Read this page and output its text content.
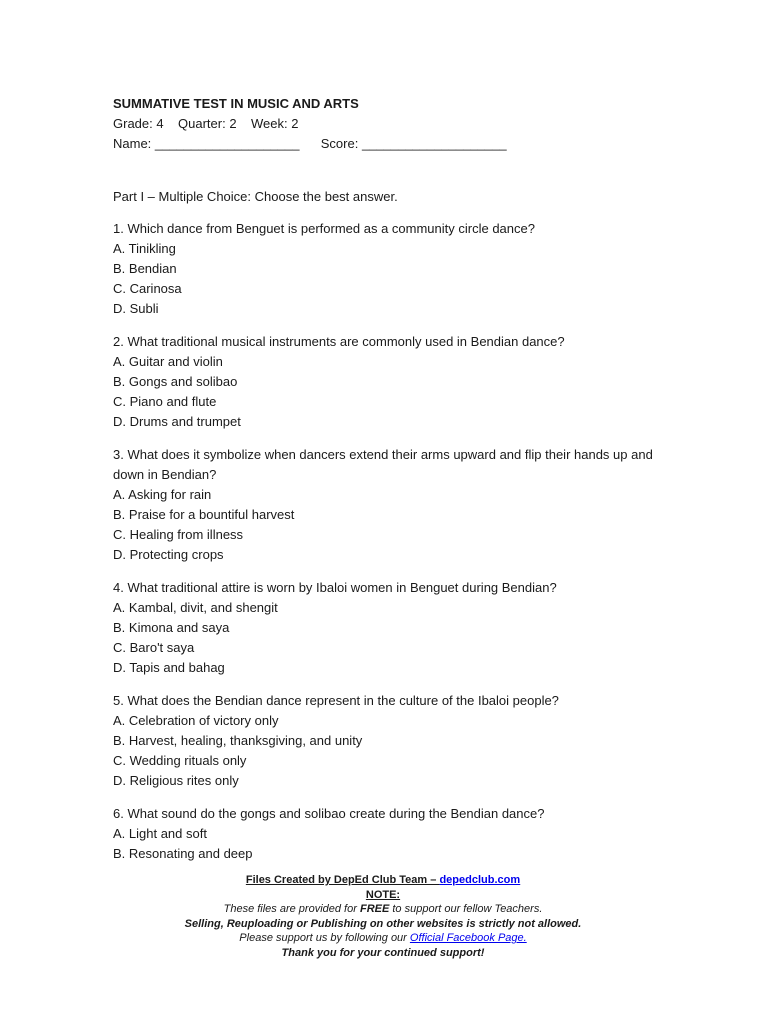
SUMMATIVE TEST IN MUSIC AND ARTS
Grade: 4    Quarter: 2    Week: 2
Name: ____________________ Score: ____________________
Part I – Multiple Choice: Choose the best answer.
1. Which dance from Benguet is performed as a community circle dance?
A. Tinikling
B. Bendian
C. Carinosa
D. Subli
2. What traditional musical instruments are commonly used in Bendian dance?
A. Guitar and violin
B. Gongs and solibao
C. Piano and flute
D. Drums and trumpet
3. What does it symbolize when dancers extend their arms upward and flip their hands up and down in Bendian?
A. Asking for rain
B. Praise for a bountiful harvest
C. Healing from illness
D. Protecting crops
4. What traditional attire is worn by Ibaloi women in Benguet during Bendian?
A. Kambal, divit, and shengit
B. Kimona and saya
C. Baro't saya
D. Tapis and bahag
5. What does the Bendian dance represent in the culture of the Ibaloi people?
A. Celebration of victory only
B. Harvest, healing, thanksgiving, and unity
C. Wedding rituals only
D. Religious rites only
6. What sound do the gongs and solibao create during the Bendian dance?
A. Light and soft
B. Resonating and deep
Files Created by DepEd Club Team – depedclub.com
NOTE:
These files are provided for FREE to support our fellow Teachers.
Selling, Reuploading or Publishing on other websites is strictly not allowed.
Please support us by following our Official Facebook Page.
Thank you for your continued support!
